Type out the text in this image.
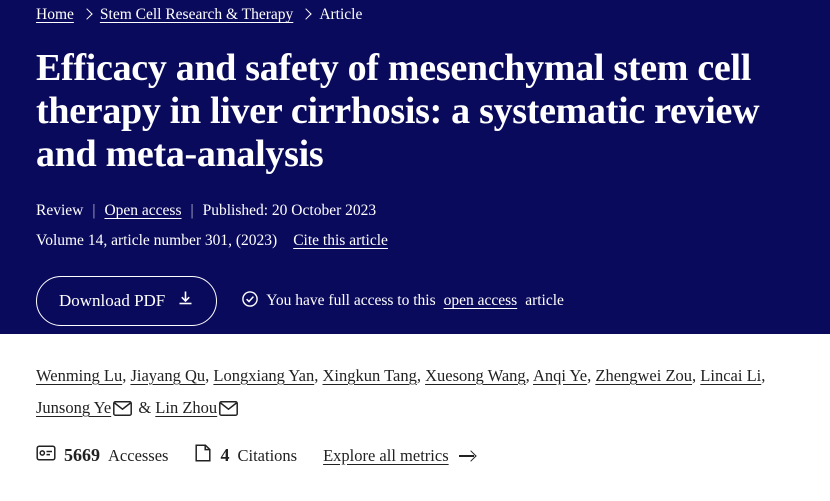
Home Stem Cell Research & Therapy Article
Efficacy and safety of mesenchymal stem cell therapy in liver cirrhosis: a systematic review and meta-analysis
Review | Open access | Published: 20 October 2023
Volume 14, article number 301, (2023) Cite this article
Download PDF	You have full access to this open access article
Wenming Lu, Jiayang Qu, Longxiang Yan, Xingkun Tang, Xuesong Wang, Anqi Ye, Zhengwei Zou, Lincai Li, Junsong Ye & Lin Zhou
5669 Accesses	4 Citations Explore all metrics
